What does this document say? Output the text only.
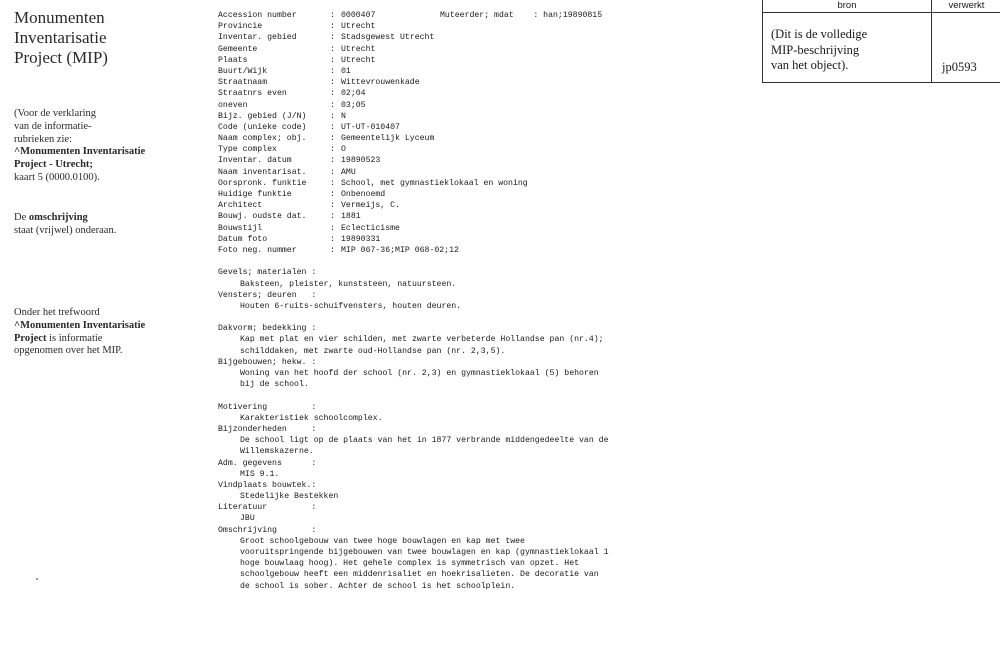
Monumenten
Inventarisatie
Project (MIP)
(Voor de verklaring
van de informatie-
rubrieken zie:
^Monumenten Inventarisatie
Project - Utrecht;
kaart 5 (0000.0100).
De omschrijving
staat (vrijwel) onderaan.
Onder het trefwoord
^Monumenten Inventarisatie
Project is informatie
opgenomen over het MIP.
Muteerder; mdat    : han;19890815
Accession number	: 0000407
Provincie	: Utrecht
Inventar. gebied	: Stadsgewest Utrecht
Gemeente	: Utrecht
Plaats	: Utrecht
Buurt/Wijk	: 01
Straatnaam	: Wittevrouwenkade
Straatnrs even	: 02;04
oneven	: 03;05
Bijz. gebied (J/N)	: N
Code (unieke code)	: UT-UT-010407
Naam complex; obj.	: Gemeentelijk Lyceum
Type complex	: O
Inventar. datum	: 19890523
Naam inventarisat.	: AMU
Oorspronk. funktie	: School, met gymnastieklokaal en woning
Huidige funktie	: Onbenoemd
Architect	: Vermeijs, C.
Bouwj. oudste dat.	: 1881
Bouwstijl	: Eclecticisme
Datum foto	: 19890331
Foto neg. nummer	: MIP 067-36;MIP 068-02;12
Gevels; materialen :
Baksteen, pleister, kunststeen, natuursteen.
Vensters; deuren   :
Houten 6-ruits-schuifvensters, houten deuren.
Dakvorm; bedekking :
Kap met plat en vier schilden, met zwarte verbeterde Hollandse pan (nr.4);
schilddaken, met zwarte oud-Hollandse pan (nr. 2,3,5).
Bijgebouwen; hekw. :
Woning van het hoofd der school (nr. 2,3) en gymnastieklokaal (5) behoren
bij de school.
Motivering         :
Karakteristiek schoolcomplex.
Bijzonderheden     :
De school ligt op de plaats van het in 1877 verbrande middengedeelte van de
Willemskazerne.
Adm. gegevens      :
MIS 9.1.
Vindplaats bouwtek.:
Stedelijke Bestekken
Literatuur         :
JBU
Omschrijving       :
Groot schoolgebouw van twee hoge bouwlagen en kap met twee
vooruitspringende bijgebouwen van twee bouwlagen en kap (gymnastieklokaal 1
hoge bouwlaag hoog). Het gehele complex is symmetrisch van opzet. Het
schoolgebouw heeft een middenrisaliet en hoekrisalieten. De decoratie van
de school is sober. Achter de school is het schoolplein.
bron	verwerkt
(Dit is de volledige
MIP-beschrijving
van het object).	jp0593
